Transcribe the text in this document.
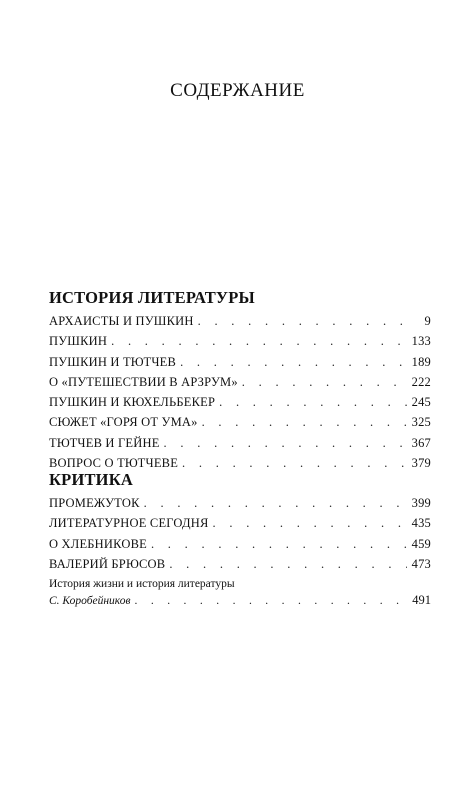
СОДЕРЖАНИЕ
ИСТОРИЯ ЛИТЕРАТУРЫ
АРХАИСТЫ И ПУШКИН . . .	9
ПУШКИН . . .	133
ПУШКИН И ТЮТЧЕВ . . .	189
О «ПУТЕШЕСТВИИ В АРЗРУМ» . . .	222
ПУШКИН И КЮХЕЛЬБЕКЕР . . .	245
СЮЖЕТ «ГОРЯ ОТ УМА» . . .	325
ТЮТЧЕВ И ГЕЙНЕ . . .	367
ВОПРОС О ТЮТЧЕВЕ . . .	379
КРИТИКА
ПРОМЕЖУТОК . . .	399
ЛИТЕРАТУРНОЕ СЕГОДНЯ . . .	435
О ХЛЕБНИКОВЕ . . .	459
ВАЛЕРИЙ БРЮСОВ . . .	473
История жизни и история литературы
С. Коробейников . . .	491
